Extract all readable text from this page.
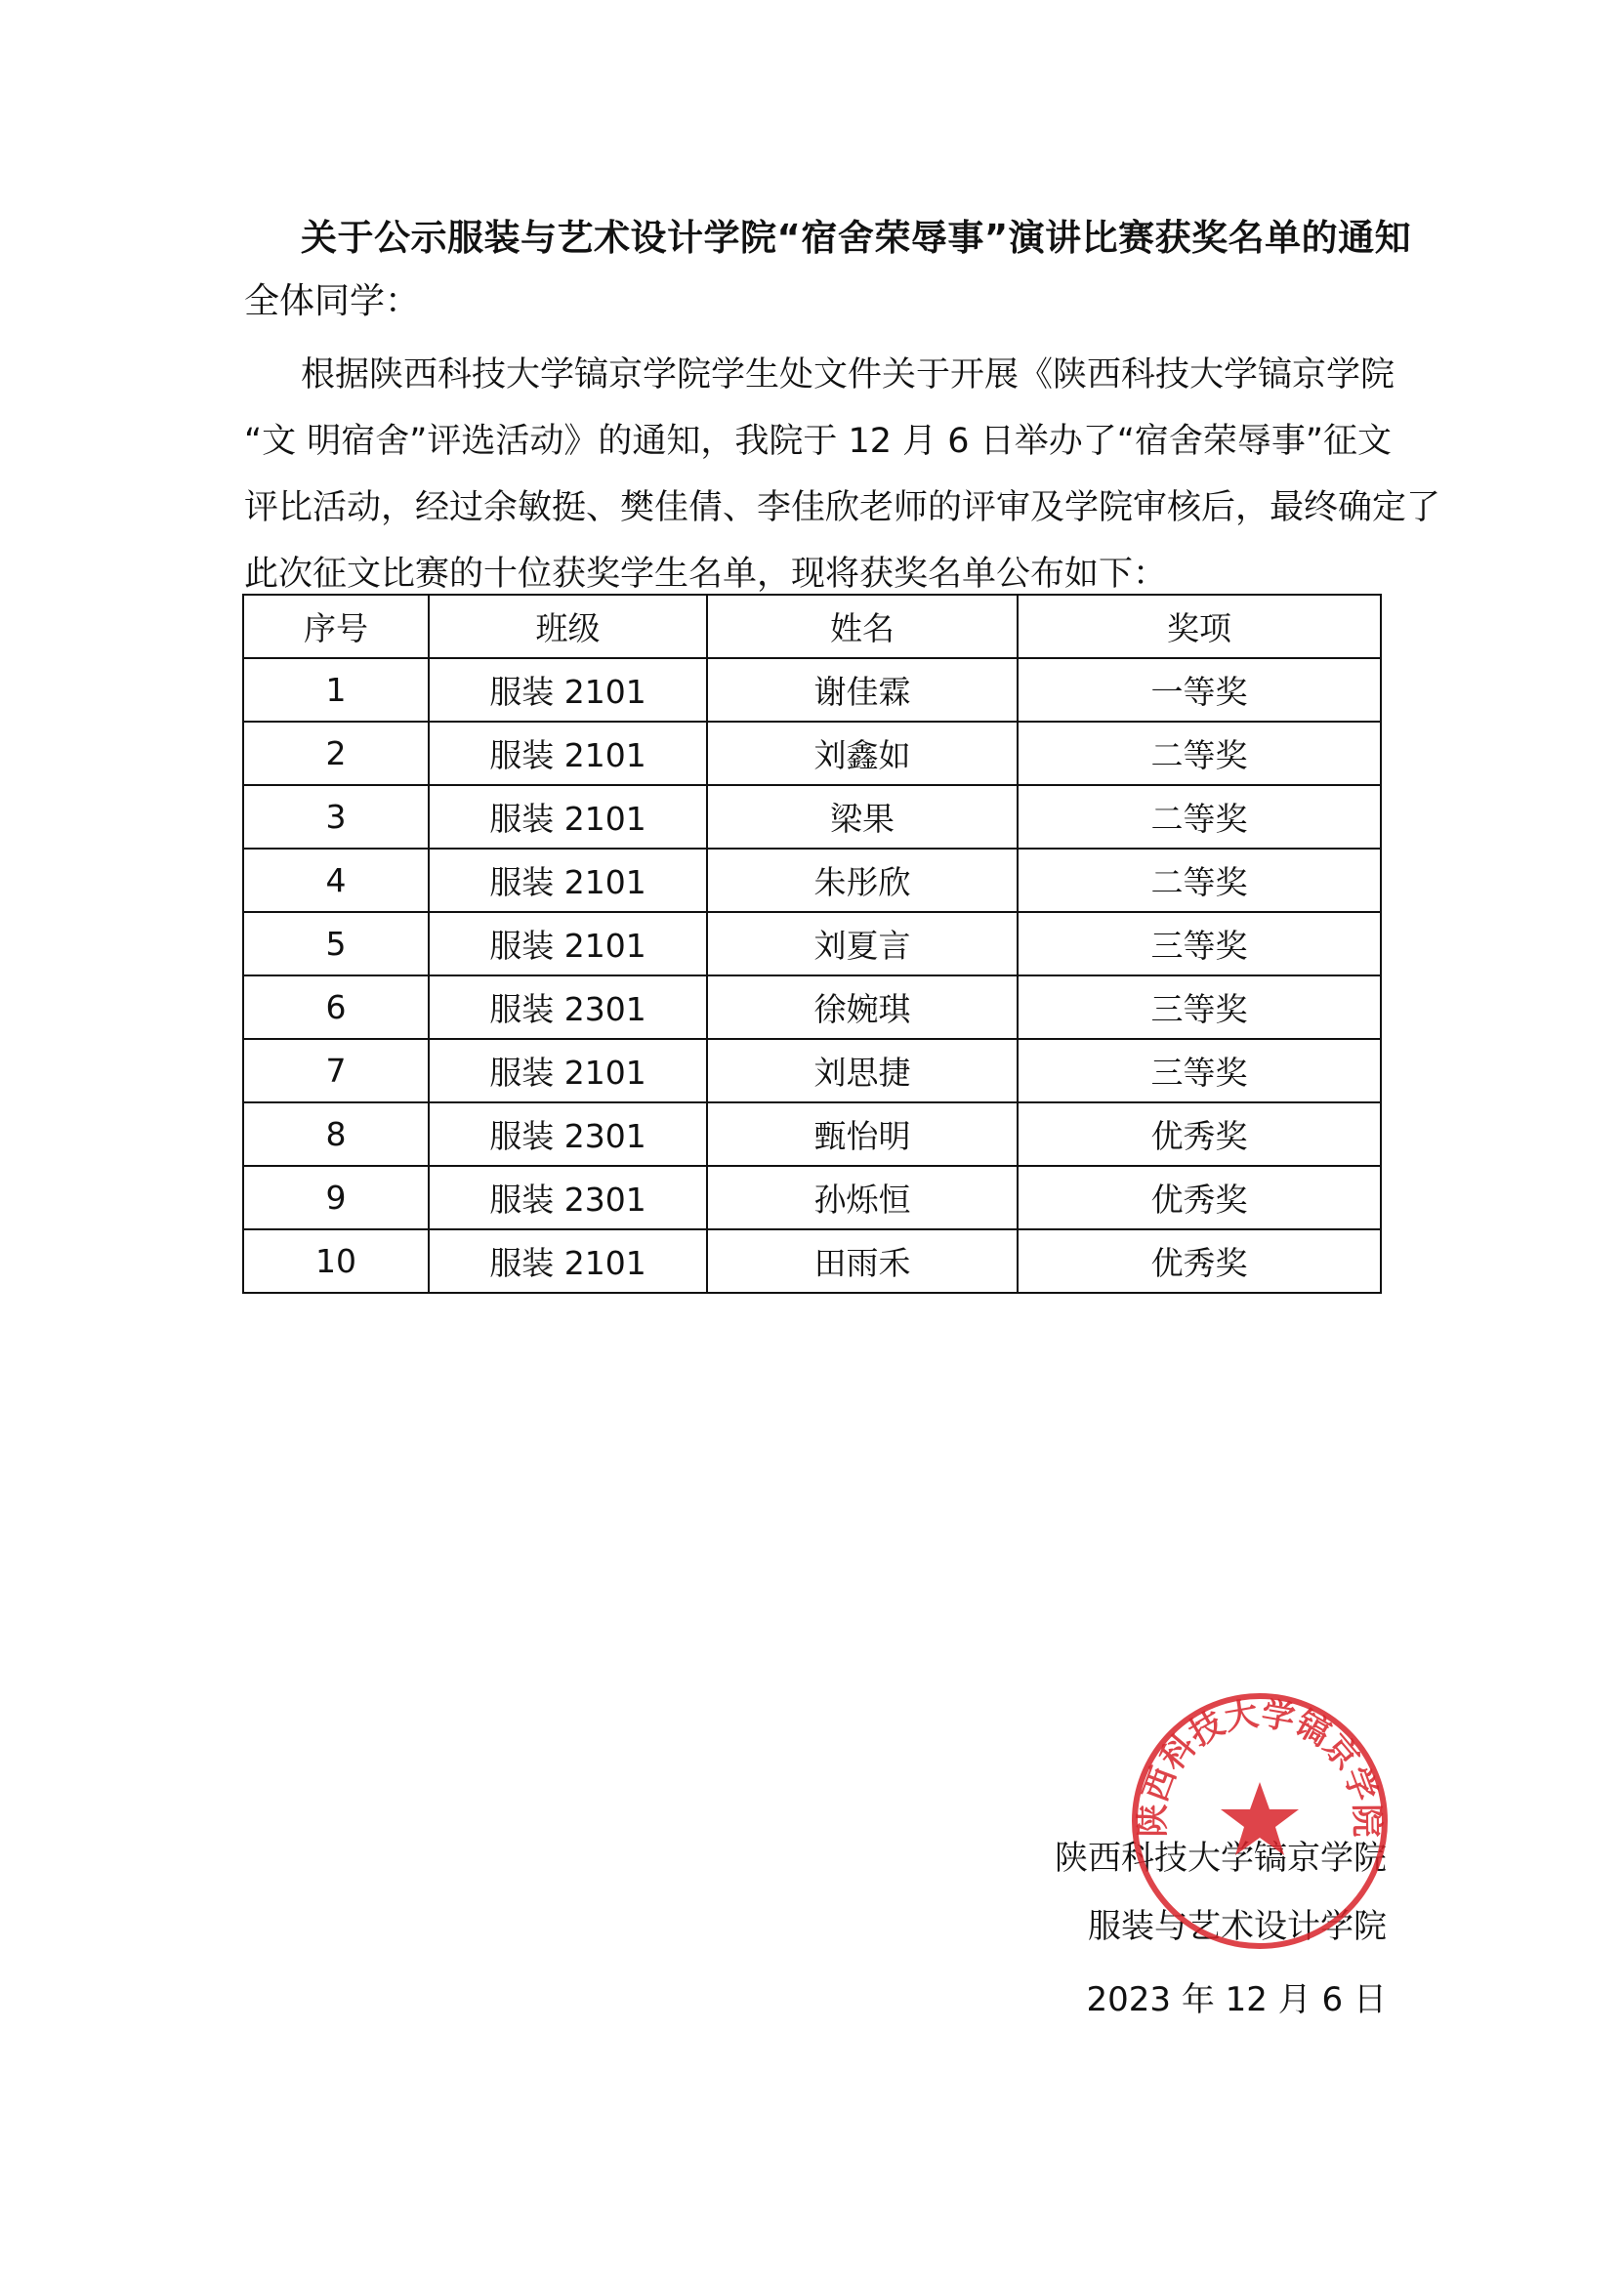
关于公示服装与艺术设计学院“宿舍荣辱事”演讲比赛获奖名单的通知
全体同学：

根据陕西科技大学镐京学院学生处文件关于开展《陕西科技大学镐京学院
“文 明宿舍”评选活动》的通知，我院于 12 月 6 日举办了“宿舍荣辱事”征文
评比活动，经过余敏挺、樊佳倩、李佳欣老师的评审及学院审核后，最终确定了
此次征文比赛的十位获奖学生名单，现将获奖名单公布如下：

序号	班级	姓名	奖项
1	服装 2101	谢佳霖	一等奖
2	服装 2101	刘鑫如	二等奖
3	服装 2101	梁果	二等奖
4	服装 2101	朱彤欣	二等奖
5	服装 2101	刘夏言	三等奖
6	服装 2301	徐婉琪	三等奖
7	服装 2101	刘思捷	三等奖
8	服装 2301	甄怡明	优秀奖
9	服装 2301	孙烁恒	优秀奖
10	服装 2101	田雨禾	优秀奖
陕西科技大学镐京学院
服装与艺术设计学院
2023 年 12 月 6 日
陕西科技大学镐京学院
